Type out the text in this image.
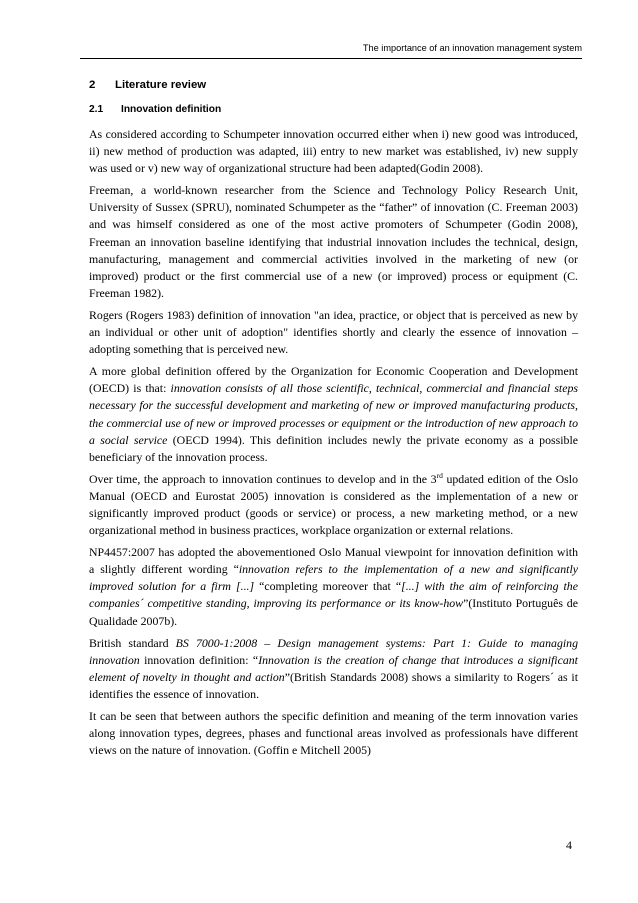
The importance of an innovation management system
2 Literature review
2.1 Innovation definition

As considered according to Schumpeter innovation occurred either when i) new good was introduced, ii) new method of production was adapted, iii) entry to new market was established, iv) new supply was used or v) new way of organizational structure had been adapted(Godin 2008).

Freeman, a world-known researcher from the Science and Technology Policy Research Unit, University of Sussex (SPRU), nominated Schumpeter as the “father” of innovation (C. Freeman 2003) and was himself considered as one of the most active promoters of Schumpeter (Godin 2008), Freeman an innovation baseline identifying that industrial innovation includes the technical, design, manufacturing, management and commercial activities involved in the marketing of new (or improved) product or the first commercial use of a new (or improved) process or equipment (C. Freeman 1982).

Rogers (Rogers 1983) definition of innovation "an idea, practice, or object that is perceived as new by an individual or other unit of adoption" identifies shortly and clearly the essence of innovation – adopting something that is perceived new.

A more global definition offered by the Organization for Economic Cooperation and Development (OECD) is that: innovation consists of all those scientific, technical, commercial and financial steps necessary for the successful development and marketing of new or improved manufacturing products, the commercial use of new or improved processes or equipment or the introduction of new approach to a social service (OECD 1994). This definition includes newly the private economy as a possible beneficiary of the innovation process.

Over time, the approach to innovation continues to develop and in the 3rd updated edition of the Oslo Manual (OECD and Eurostat 2005) innovation is considered as the implementation of a new or significantly improved product (goods or service) or process, a new marketing method, or a new organizational method in business practices, workplace organization or external relations.

NP4457:2007 has adopted the abovementioned Oslo Manual viewpoint for innovation definition with a slightly different wording “innovation refers to the implementation of a new and significantly improved solution for a firm [...] “completing moreover that “[...] with the aim of reinforcing the companies´ competitive standing, improving its performance or its know-how”(Instituto Português de Qualidade 2007b).

British standard BS 7000-1:2008 – Design management systems: Part 1: Guide to managing innovation innovation definition: “Innovation is the creation of change that introduces a significant element of novelty in thought and action”(British Standards 2008) shows a similarity to Rogers´ as it identifies the essence of innovation.

It can be seen that between authors the specific definition and meaning of the term innovation varies along innovation types, degrees, phases and functional areas involved as professionals have different views on the nature of innovation. (Goffin e Mitchell 2005)

4
